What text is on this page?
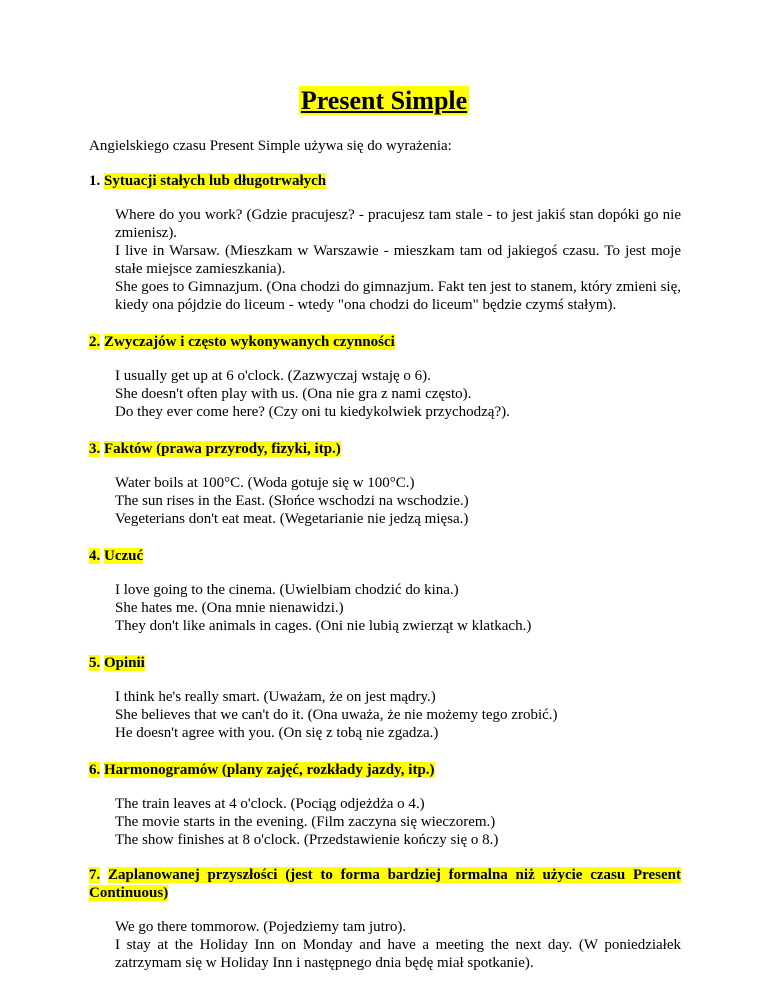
Present Simple
Angielskiego czasu Present Simple używa się do wyrażenia:
1. Sytuacji stałych lub długotrwałych

Where do you work? (Gdzie pracujesz? - pracujesz tam stale - to jest jakiś stan dopóki go nie zmienisz).

I live in Warsaw. (Mieszkam w Warszawie - mieszkam tam od jakiegoś czasu. To jest moje stałe miejsce zamieszkania).

She goes to Gimnazjum. (Ona chodzi do gimnazjum. Fakt ten jest to stanem, który zmieni się, kiedy ona pójdzie do liceum - wtedy "ona chodzi do liceum" będzie czymś stałym).

2. Zwyczajów i często wykonywanych czynności

I usually get up at 6 o'clock. (Zazwyczaj wstaję o 6).

She doesn't often play with us. (Ona nie gra z nami często).

Do they ever come here? (Czy oni tu kiedykolwiek przychodzą?).

3. Faktów (prawa przyrody, fizyki, itp.)

Water boils at 100°C. (Woda gotuje się w 100°C.)

The sun rises in the East. (Słońce wschodzi na wschodzie.)

Vegeterians don't eat meat. (Wegetarianie nie jedzą mięsa.)

4. Uczuć

I love going to the cinema. (Uwielbiam chodzić do kina.)

She hates me. (Ona mnie nienawidzi.)

They don't like animals in cages. (Oni nie lubią zwierząt w klatkach.)

5. Opinii

I think he's really smart. (Uważam, że on jest mądry.)

She believes that we can't do it. (Ona uważa, że nie możemy tego zrobić.)

He doesn't agree with you. (On się z tobą nie zgadza.)

6. Harmonogramów (plany zajęć, rozkłady jazdy, itp.)

The train leaves at 4 o'clock. (Pociąg odjeżdża o 4.)

The movie starts in the evening. (Film zaczyna się wieczorem.)

The show finishes at 8 o'clock. (Przedstawienie kończy się o 8.)

7. Zaplanowanej przyszłości (jest to forma bardziej formalna niż użycie czasu Present Continuous)

We go there tommorow. (Pojedziemy tam jutro).

I stay at the Holiday Inn on Monday and have a meeting the next day. (W poniedziałek zatrzymam się w Holiday Inn i następnego dnia będę miał spotkanie).
